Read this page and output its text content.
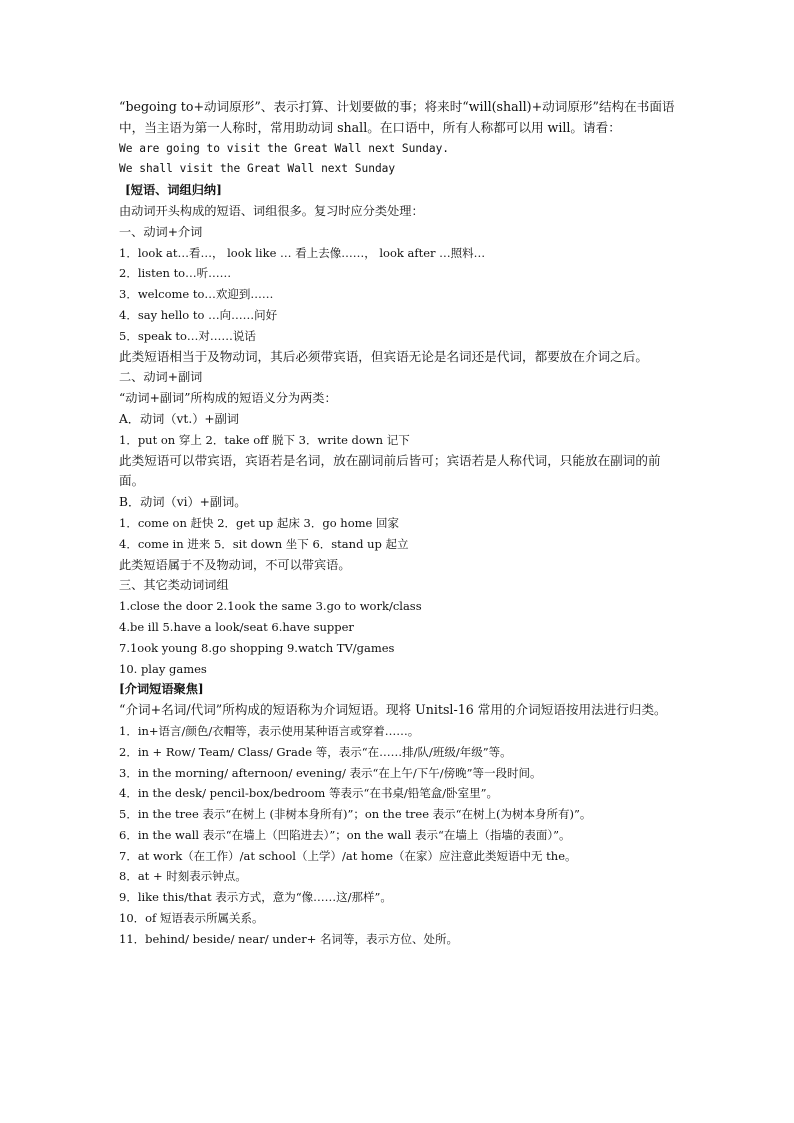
“begoing to+动词原形”、表示打算、计划要做的事；将来时“will(shall)+动词原形”结构在书面语中，当主语为第一人称时，常用助动词 shall。在口语中，所有人称都可以用 will。请看：
We are going to visit the Great Wall next Sunday.
We shall visit the Great Wall next Sunday
[短语、词组归纳]
由动词开头构成的短语、词组很多。复习时应分类处理：
一、动词+介词
1．look at…看…， look like … 看上去像……， look after …照料…
2．listen to…听……
3．welcome to…欢迎到……
4．say hello to …向……问好
5．speak to…对……说话
此类短语相当于及物动词，其后必须带宾语，但宾语无论是名词还是代词，都要放在介词之后。
二、动词+副词
“动词+副词”所构成的短语义分为两类：
A．动词（vt.）+副词
1．put on 穿上 2．take off 脱下 3．write down 记下
此类短语可以带宾语，宾语若是名词，放在副词前后皆可；宾语若是人称代词，只能放在副词的前面。
B．动词（vi）+副词。
1．come on 赶快 2．get up 起床 3．go home 回家
4．come in 进来 5．sit down 坐下 6．stand up 起立
此类短语属于不及物动词，不可以带宾语。
三、其它类动词词组
1.close the door 2.1ook the same 3.go to work/class
4.be ill 5.have a look/seat 6.have supper
7.1ook young 8.go shopping 9.watch TV/games
10. play games
[介词短语聚焦]
“介词+名词/代词”所构成的短语称为介词短语。现将 Unitsl-16 常用的介词短语按用法进行归类。
1．in+语言/颜色/衣帽等，表示使用某种语言或穿着……。
2．in + Row/ Team/ Class/ Grade 等，表示“在……排/队/班级/年级”等。
3．in the morning/ afternoon/ evening/ 表示“在上午/下午/傍晚”等一段时间。
4．in the desk/ pencil-box/bedroom 等表示“在书桌/铅笔盒/卧室里”。
5．in the tree 表示“在树上 (非树本身所有)”；on the tree 表示“在树上(为树本身所有)”。
6．in the wall 表示“在墙上（凹陷进去）”；on the wall 表示“在墙上（指墙的表面）”。
7．at work（在工作）/at school（上学）/at home（在家）应注意此类短语中无 the。
8．at + 时刻表示钟点。
9．like this/that 表示方式，意为“像……这/那样”。
10．of 短语表示所属关系。
11．behind/ beside/ near/ under+ 名词等，表示方位、处所。
